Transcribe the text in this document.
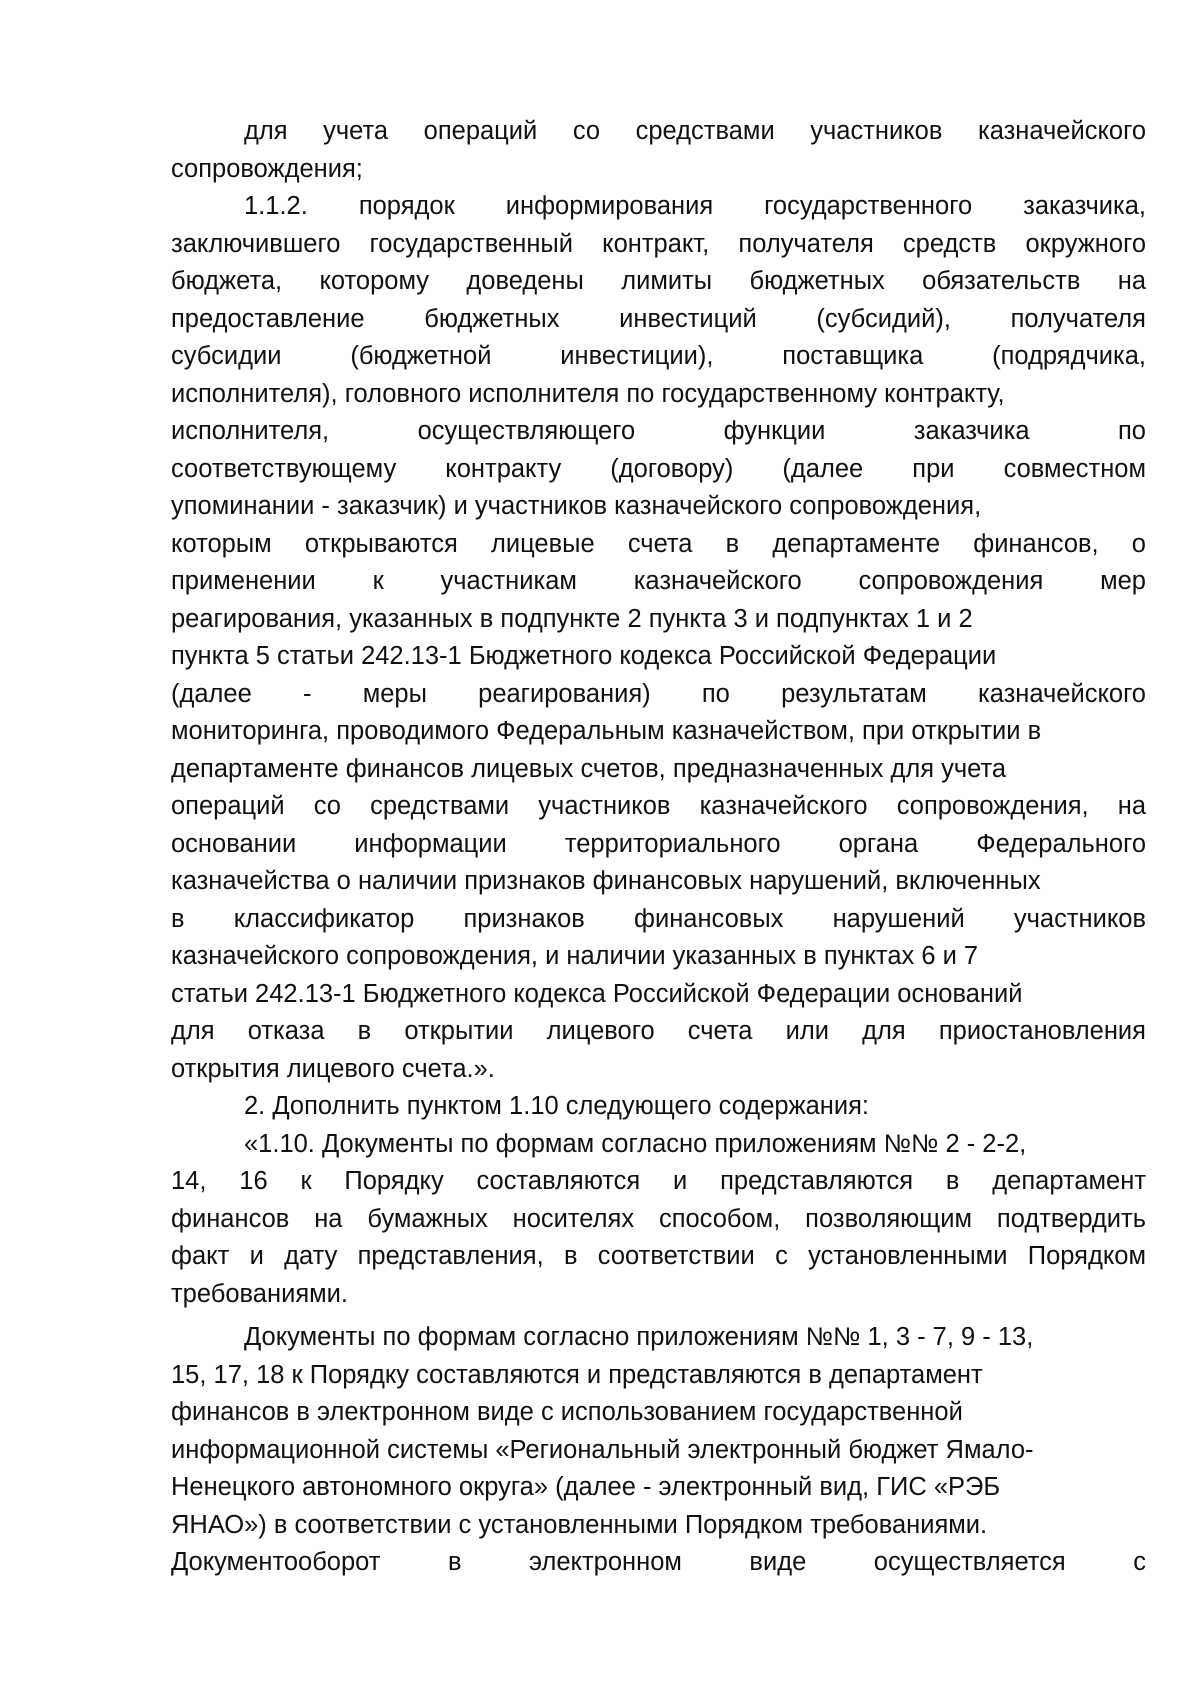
для учета операций со средствами участников казначейского
сопровождения;
1.1.2. порядок информирования государственного заказчика,
заключившего государственный контракт, получателя средств окружного
бюджета, которому доведены лимиты бюджетных обязательств на
предоставление бюджетных инвестиций (субсидий), получателя
субсидии (бюджетной инвестиции), поставщика (подрядчика,
исполнителя), головного исполнителя по государственному контракту,
исполнителя, осуществляющего функции заказчика по
соответствующему контракту (договору) (далее при совместном
упоминании - заказчик) и участников казначейского сопровождения,
которым открываются лицевые счета в департаменте финансов, о
применении к участникам казначейского сопровождения мер
реагирования, указанных в подпункте 2 пункта 3 и подпунктах 1 и 2
пункта 5 статьи 242.13-1 Бюджетного кодекса Российской Федерации
(далее - меры реагирования) по результатам казначейского
мониторинга, проводимого Федеральным казначейством, при открытии в
департаменте финансов лицевых счетов, предназначенных для учета
операций со средствами участников казначейского сопровождения, на
основании информации территориального органа Федерального
казначейства о наличии признаков финансовых нарушений, включенных
в классификатор признаков финансовых нарушений участников
казначейского сопровождения, и наличии указанных в пунктах 6 и 7
статьи 242.13-1 Бюджетного кодекса Российской Федерации оснований
для отказа в открытии лицевого счета или для приостановления
открытия лицевого счета.».
2. Дополнить пунктом 1.10 следующего содержания:
«1.10. Документы по формам согласно приложениям №№ 2 - 2-2,
14, 16 к Порядку составляются и представляются в департамент
финансов на бумажных носителях способом, позволяющим подтвердить
факт и дату представления, в соответствии с установленными Порядком
требованиями.
Документы по формам согласно приложениям №№ 1, 3 - 7, 9 - 13,
15, 17, 18 к Порядку составляются и представляются в департамент
финансов в электронном виде с использованием государственной
информационной системы «Региональный электронный бюджет Ямало-
Ненецкого автономного округа» (далее - электронный вид, ГИС «РЭБ
ЯНАО») в соответствии с установленными Порядком требованиями.
Документооборот в электронном виде осуществляется с
